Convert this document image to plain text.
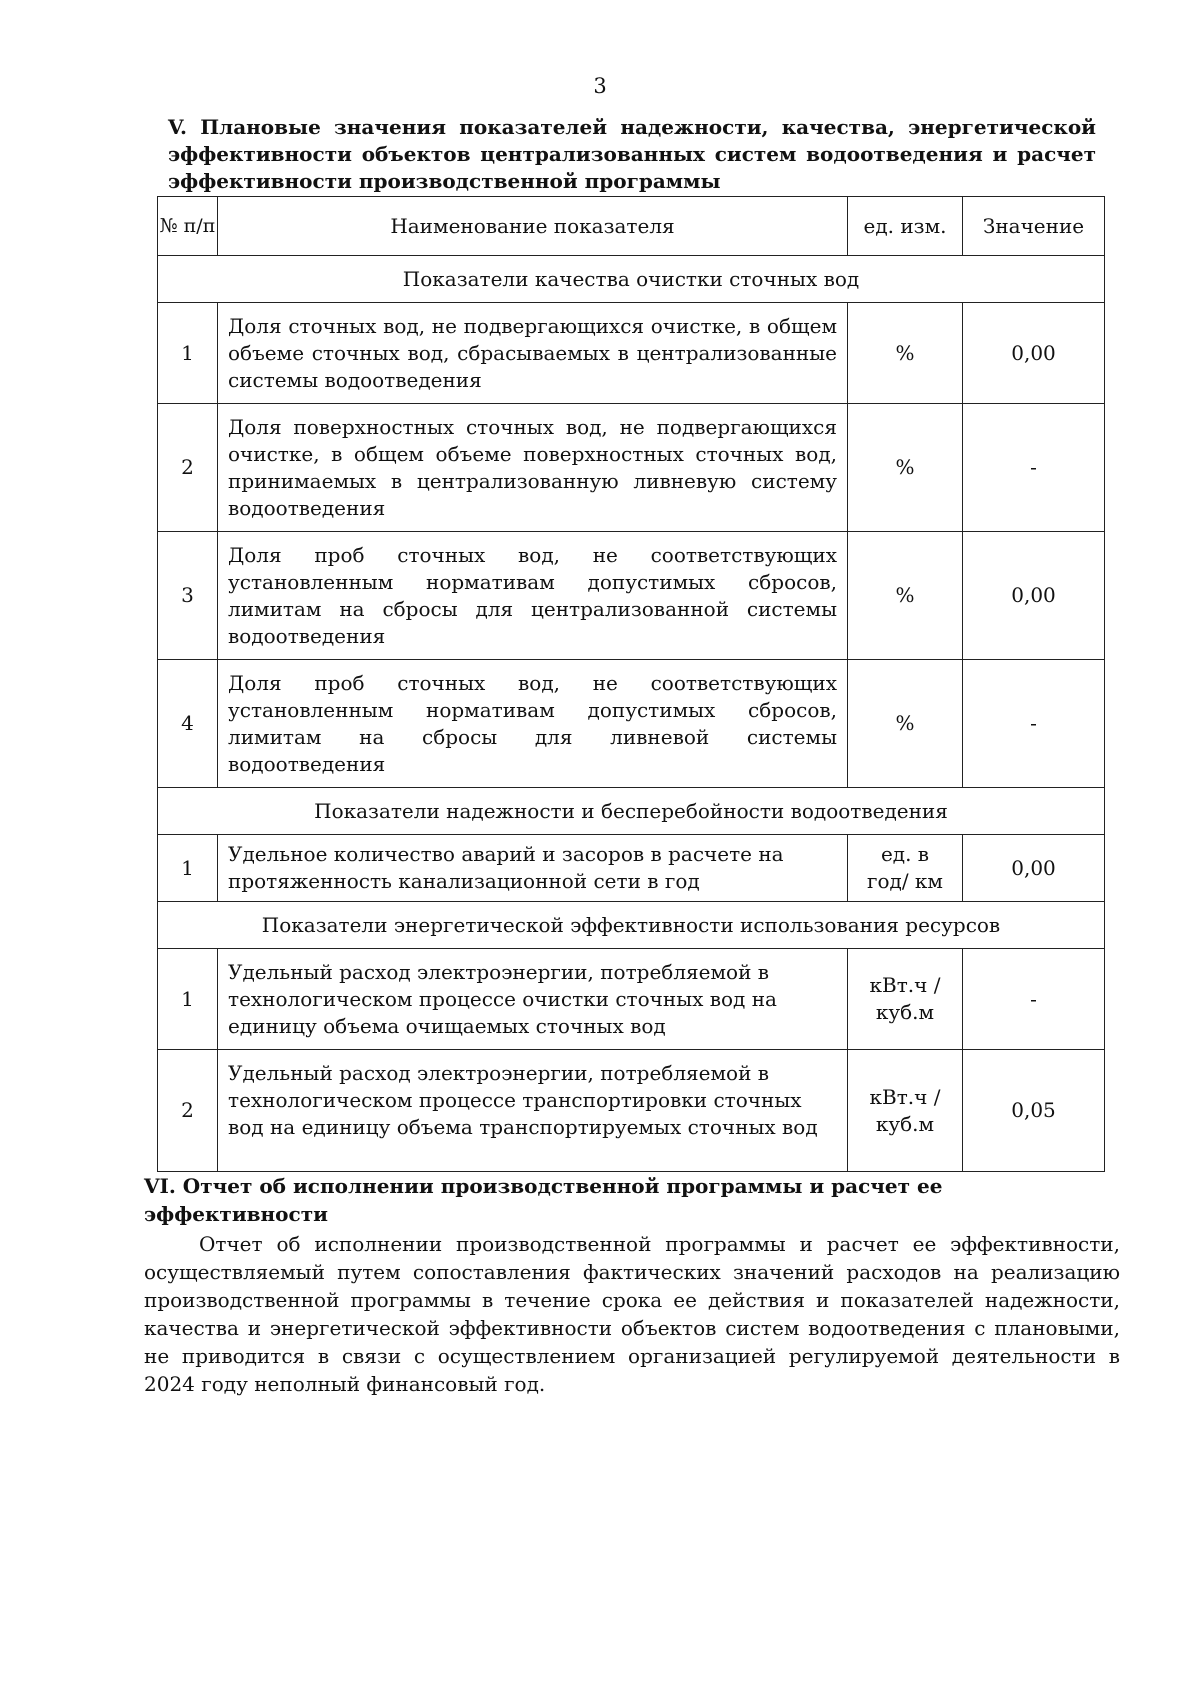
3

V. Плановые значения показателей надежности, качества, энергетической эффективности объектов централизованных систем водоотведения и расчет эффективности производственной программы

№ п/п	Наименование показателя	ед. изм.	Значение
Показатели качества очистки сточных вод			
1	Доля сточных вод, не подвергающихся очистке, в общем объеме сточных вод, сбрасываемых в централизованные системы водоотведения	%	0,00
2	Доля поверхностных сточных вод, не подвергающихся очистке, в общем объеме поверхностных сточных вод, принимаемых в централизованную ливневую систему водоотведения	%	-
3	Доля проб сточных вод, не соответствующих установленным нормативам допустимых сбросов, лимитам на сбросы для централизованной системы водоотведения	%	0,00
4	Доля проб сточных вод, не соответствующих установленным нормативам допустимых сбросов, лимитам на сбросы для ливневой системы водоотведения	%	-
Показатели надежности и бесперебойности водоотведения			
1	Удельное количество аварий и засоров в расчете на протяженность канализационной сети в год	ед. в год/ км	0,00
Показатели энергетической эффективности использования ресурсов			
1	Удельный расход электроэнергии, потребляемой в технологическом процессе очистки сточных вод на единицу объема очищаемых сточных вод	кВт.ч / куб.м	-
2	Удельный расход электроэнергии, потребляемой в технологическом процессе транспортировки сточных вод на единицу объема транспортируемых сточных вод	кВт.ч / куб.м	0,05

VI. Отчет об исполнении производственной программы и расчет ее эффективности

Отчет об исполнении производственной программы и расчет ее эффективности, осуществляемый путем сопоставления фактических значений расходов на реализацию производственной программы в течение срока ее действия и показателей надежности, качества и энергетической эффективности объектов систем водоотведения с плановыми, не приводится в связи с осуществлением организацией регулируемой деятельности в 2024 году неполный финансовый год.
